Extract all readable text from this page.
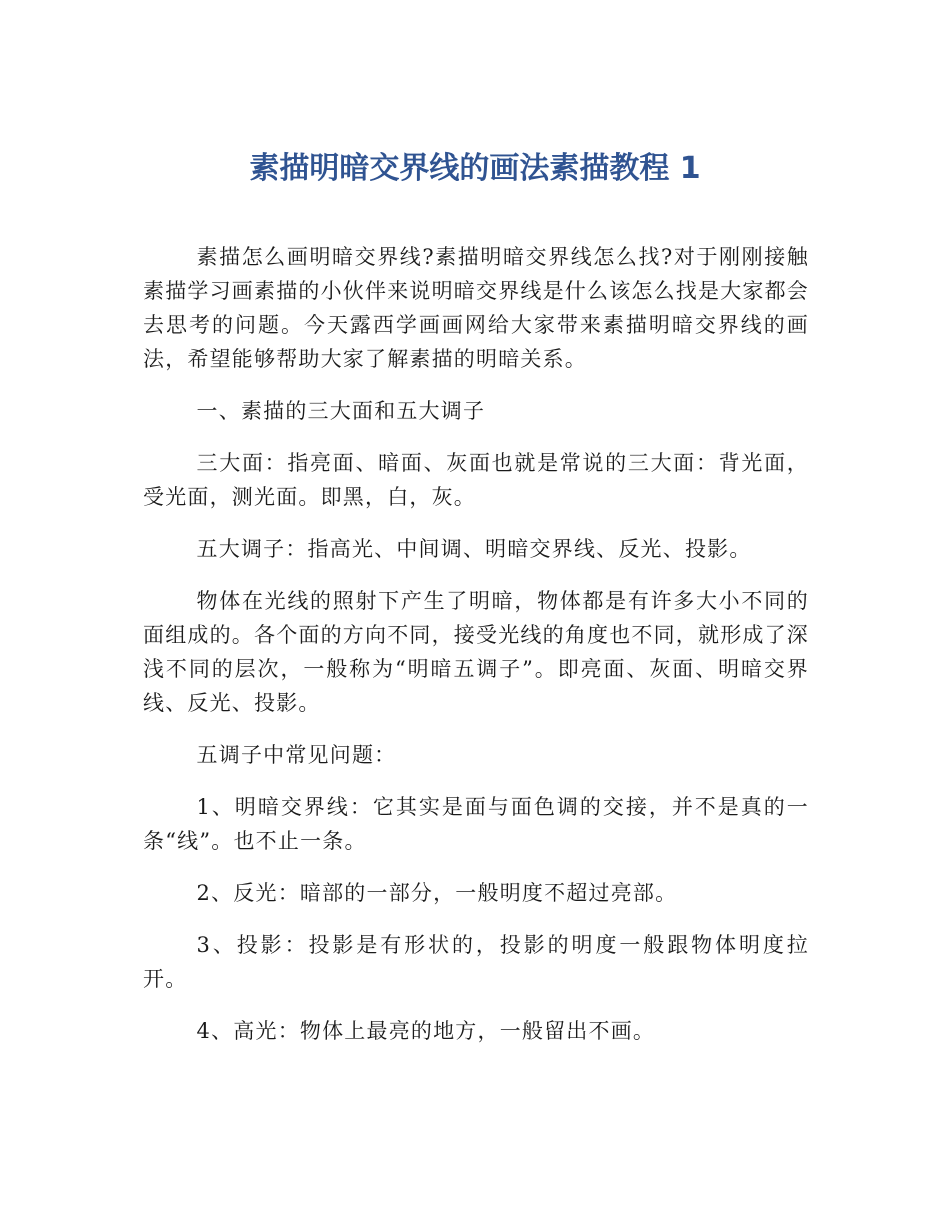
素描明暗交界线的画法素描教程 1

素描怎么画明暗交界线?素描明暗交界线怎么找?对于刚刚接触素描学习画素描的小伙伴来说明暗交界线是什么该怎么找是大家都会去思考的问题。今天露西学画画网给大家带来素描明暗交界线的画法，希望能够帮助大家了解素描的明暗关系。

一、素描的三大面和五大调子

三大面：指亮面、暗面、灰面也就是常说的三大面：背光面，受光面，测光面。即黑，白，灰。

五大调子：指高光、中间调、明暗交界线、反光、投影。

物体在光线的照射下产生了明暗，物体都是有许多大小不同的面组成的。各个面的方向不同，接受光线的角度也不同，就形成了深浅不同的层次，一般称为“明暗五调子”。即亮面、灰面、明暗交界线、反光、投影。

五调子中常见问题：

1、明暗交界线：它其实是面与面色调的交接，并不是真的一条“线”。也不止一条。

2、反光：暗部的一部分，一般明度不超过亮部。

3、投影：投影是有形状的，投影的明度一般跟物体明度拉开。

4、高光：物体上最亮的地方，一般留出不画。
